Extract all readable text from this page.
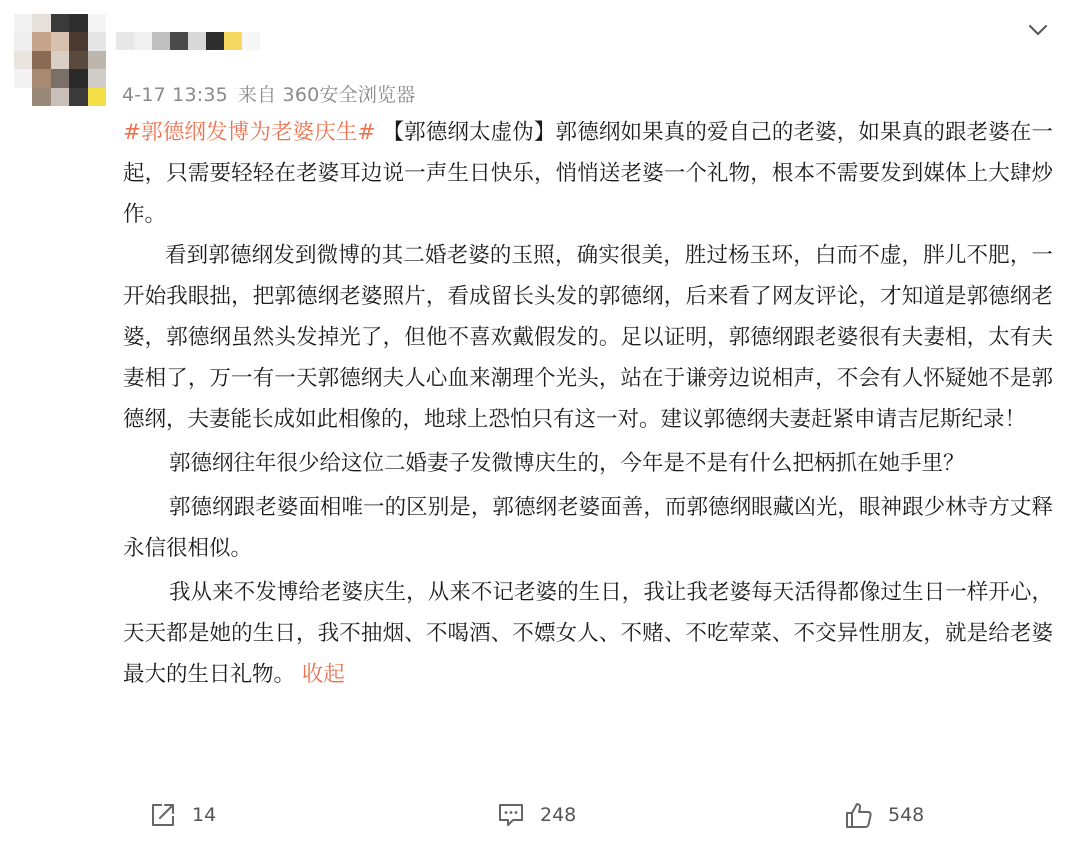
4-17 13:35 来自 360安全浏览器

#郭德纲发博为老婆庆生# 【郭德纲太虚伪】郭德纲如果真的爱自己的老婆，如果真的跟老婆在一起，只需要轻轻在老婆耳边说一声生日快乐，悄悄送老婆一个礼物，根本不需要发到媒体上大肆炒作。

看到郭德纲发到微博的其二婚老婆的玉照，确实很美，胜过杨玉环，白而不虚，胖儿不肥，一开始我眼拙，把郭德纲老婆照片，看成留长头发的郭德纲，后来看了网友评论，才知道是郭德纲老婆，郭德纲虽然头发掉光了，但他不喜欢戴假发的。足以证明，郭德纲跟老婆很有夫妻相，太有夫妻相了，万一有一天郭德纲夫人心血来潮理个光头，站在于谦旁边说相声，不会有人怀疑她不是郭德纲，夫妻能长成如此相像的，地球上恐怕只有这一对。建议郭德纲夫妻赶紧申请吉尼斯纪录！

郭德纲往年很少给这位二婚妻子发微博庆生的，今年是不是有什么把柄抓在她手里？

郭德纲跟老婆面相唯一的区别是，郭德纲老婆面善，而郭德纲眼藏凶光，眼神跟少林寺方丈释永信很相似。

我从来不发博给老婆庆生，从来不记老婆的生日，我让我老婆每天活得都像过生日一样开心，天天都是她的生日，我不抽烟、不喝酒、不嫖女人、不赌、不吃荤菜、不交异性朋友，就是给老婆最大的生日礼物。 收起

14	248	548
